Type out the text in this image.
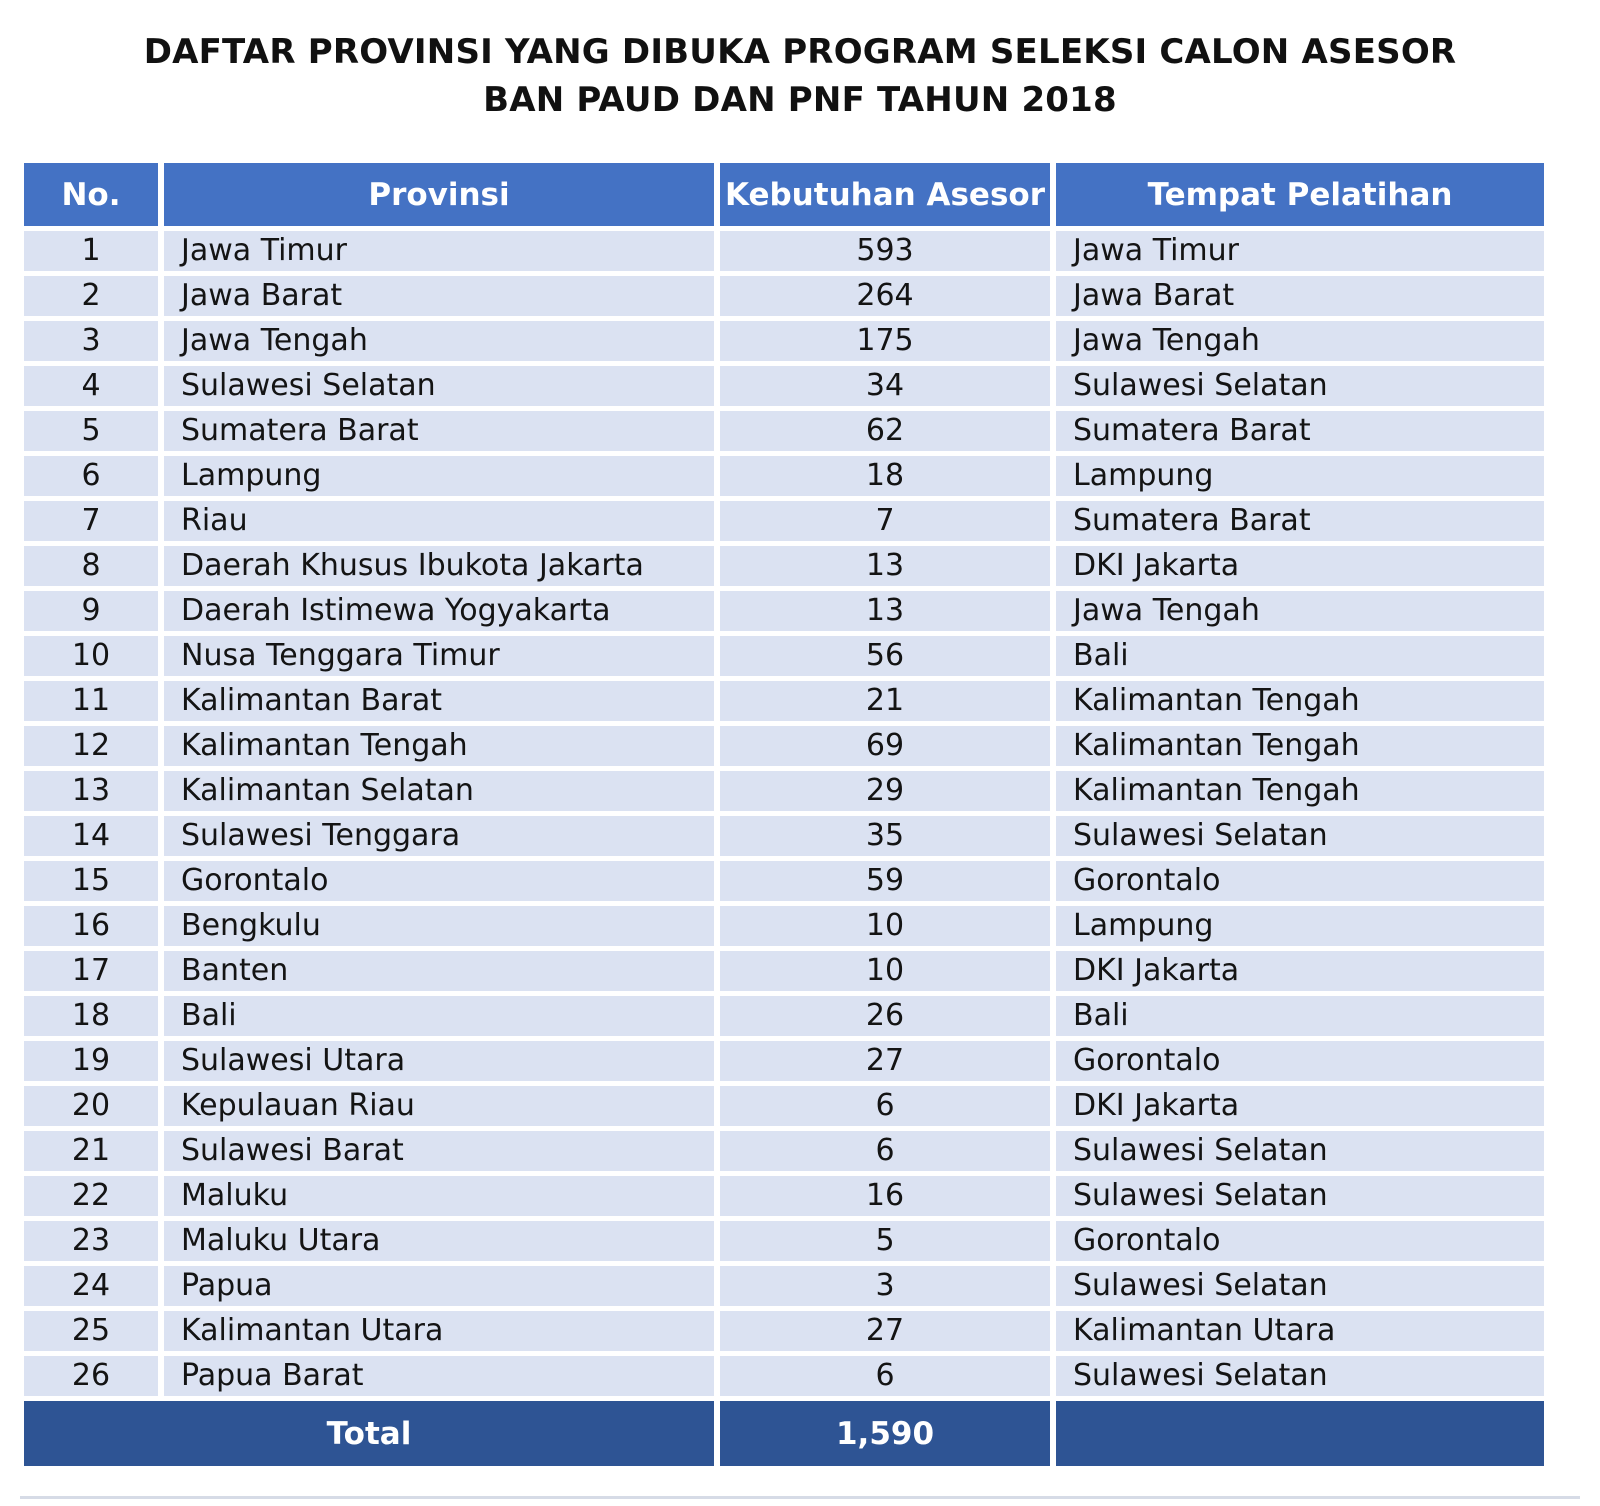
DAFTAR PROVINSI YANG DIBUKA PROGRAM SELEKSI CALON ASESOR
BAN PAUD DAN PNF TAHUN 2018
No.	Provinsi	Kebutuhan Asesor	Tempat Pelatihan
1	Jawa Timur	593	Jawa Timur
2	Jawa Barat	264	Jawa Barat
3	Jawa Tengah	175	Jawa Tengah
4	Sulawesi Selatan	34	Sulawesi Selatan
5	Sumatera Barat	62	Sumatera Barat
6	Lampung	18	Lampung
7	Riau	7	Sumatera Barat
8	Daerah Khusus Ibukota Jakarta	13	DKI Jakarta
9	Daerah Istimewa Yogyakarta	13	Jawa Tengah
10	Nusa Tenggara Timur	56	Bali
11	Kalimantan Barat	21	Kalimantan Tengah
12	Kalimantan Tengah	69	Kalimantan Tengah
13	Kalimantan Selatan	29	Kalimantan Tengah
14	Sulawesi Tenggara	35	Sulawesi Selatan
15	Gorontalo	59	Gorontalo
16	Bengkulu	10	Lampung
17	Banten	10	DKI Jakarta
18	Bali	26	Bali
19	Sulawesi Utara	27	Gorontalo
20	Kepulauan Riau	6	DKI Jakarta
21	Sulawesi Barat	6	Sulawesi Selatan
22	Maluku	16	Sulawesi Selatan
23	Maluku Utara	5	Gorontalo
24	Papua	3	Sulawesi Selatan
25	Kalimantan Utara	27	Kalimantan Utara
26	Papua Barat	6	Sulawesi Selatan
Total		1,590	
